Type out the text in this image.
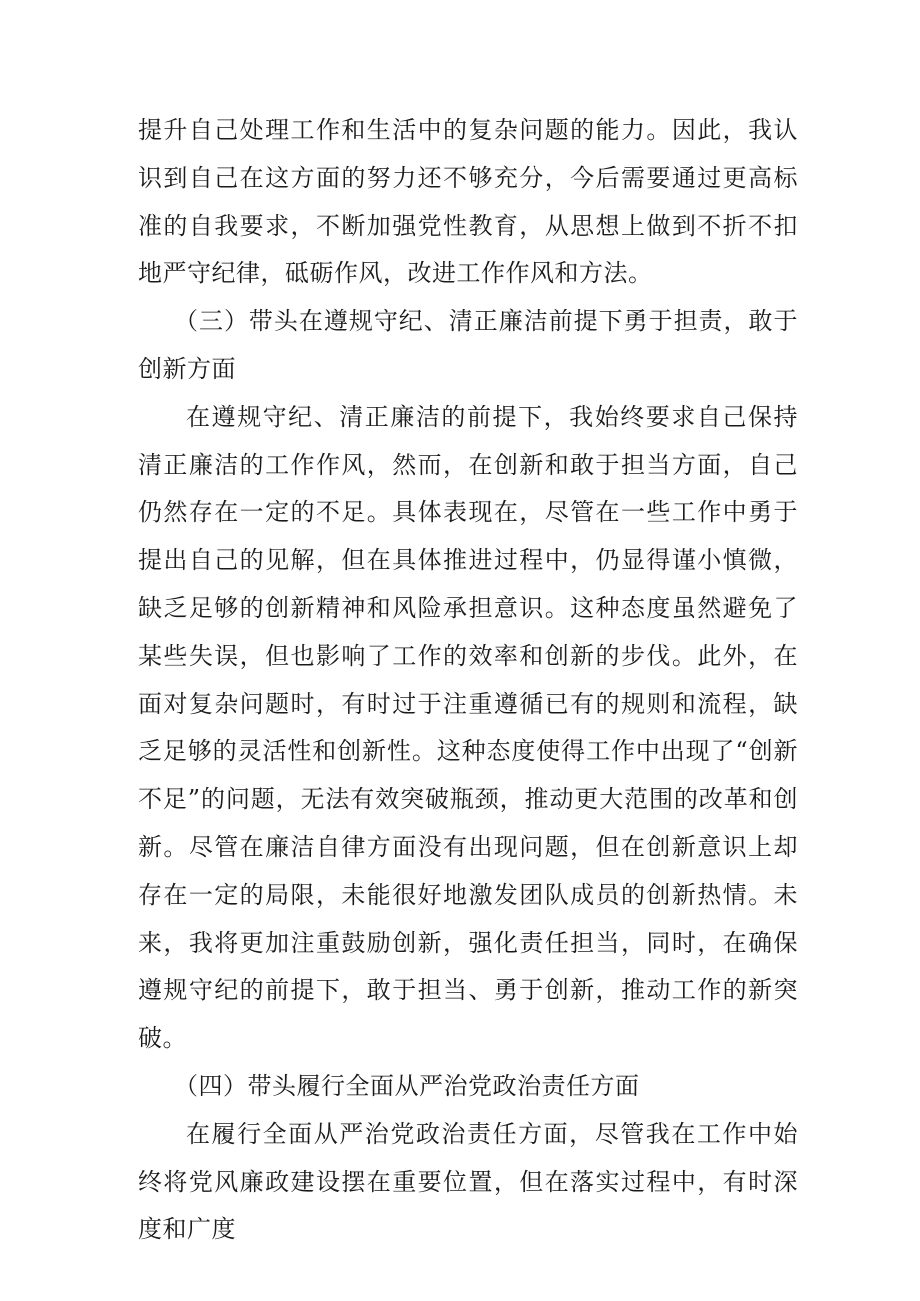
提升自己处理工作和生活中的复杂问题的能力。因此，我认识到自己在这方面的努力还不够充分，今后需要通过更高标准的自我要求，不断加强党性教育，从思想上做到不折不扣地严守纪律，砥砺作风，改进工作作风和方法。

（三）带头在遵规守纪、清正廉洁前提下勇于担责，敢于创新方面

在遵规守纪、清正廉洁的前提下，我始终要求自己保持清正廉洁的工作作风，然而，在创新和敢于担当方面，自己仍然存在一定的不足。具体表现在，尽管在一些工作中勇于提出自己的见解，但在具体推进过程中，仍显得谨小慎微，缺乏足够的创新精神和风险承担意识。这种态度虽然避免了某些失误，但也影响了工作的效率和创新的步伐。此外，在面对复杂问题时，有时过于注重遵循已有的规则和流程，缺乏足够的灵活性和创新性。这种态度使得工作中出现了“创新不足”的问题，无法有效突破瓶颈，推动更大范围的改革和创新。尽管在廉洁自律方面没有出现问题，但在创新意识上却存在一定的局限，未能很好地激发团队成员的创新热情。未来，我将更加注重鼓励创新，强化责任担当，同时，在确保遵规守纪的前提下，敢于担当、勇于创新，推动工作的新突破。

（四）带头履行全面从严治党政治责任方面

在履行全面从严治党政治责任方面，尽管我在工作中始终将党风廉政建设摆在重要位置，但在落实过程中，有时深度和广度
